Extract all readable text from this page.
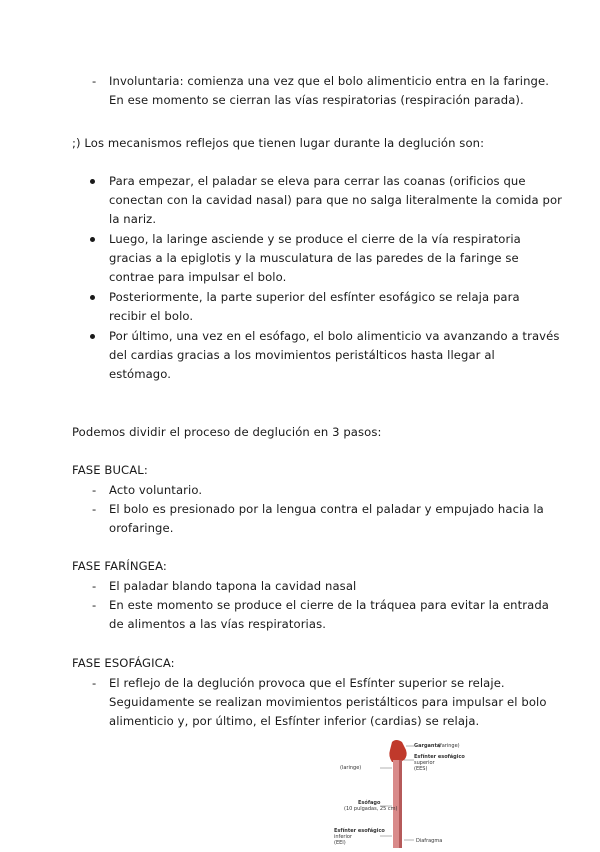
- Involuntaria: comienza una vez que el bolo alimenticio entra en la faringe.
En ese momento se cierran las vías respiratorias (respiración parada).
;) Los mecanismos reflejos que tienen lugar durante la deglución son:
Para empezar, el paladar se eleva para cerrar las coanas (orificios que
conectan con la cavidad nasal) para que no salga literalmente la comida por
la nariz.
Luego, la laringe asciende y se produce el cierre de la vía respiratoria
gracias a la epiglotis y la musculatura de las paredes de la faringe se
contrae para impulsar el bolo.
Posteriormente, la parte superior del esfínter esofágico se relaja para
recibir el bolo.
Por último, una vez en el esófago, el bolo alimenticio va avanzando a través
del cardias gracias a los movimientos peristálticos hasta llegar al
estómago.
Podemos dividir el proceso de deglución en 3 pasos:
FASE BUCAL:
- Acto voluntario.
- El bolo es presionado por la lengua contra el paladar y empujado hacia la
orofaringe.
FASE FARÍNGEA:
- El paladar blando tapona la cavidad nasal
- En este momento se produce el cierre de la tráquea para evitar la entrada
de alimentos a las vías respiratorias.
FASE ESOFÁGICA:
- El reflejo de la deglución provoca que el Esfínter superior se relaje.
Seguidamente se realizan movimientos peristálticos para impulsar el bolo
alimenticio y, por último, el Esfínter inferior (cardias) se relaja.
Garganta
(faringe)
Esfínter esofágico
superior
(EES)
(laringe)
Esófago
(10 pulgadas, 25 cm)
Esfínter esofágico
inferior
(EEI)	Diafragma
